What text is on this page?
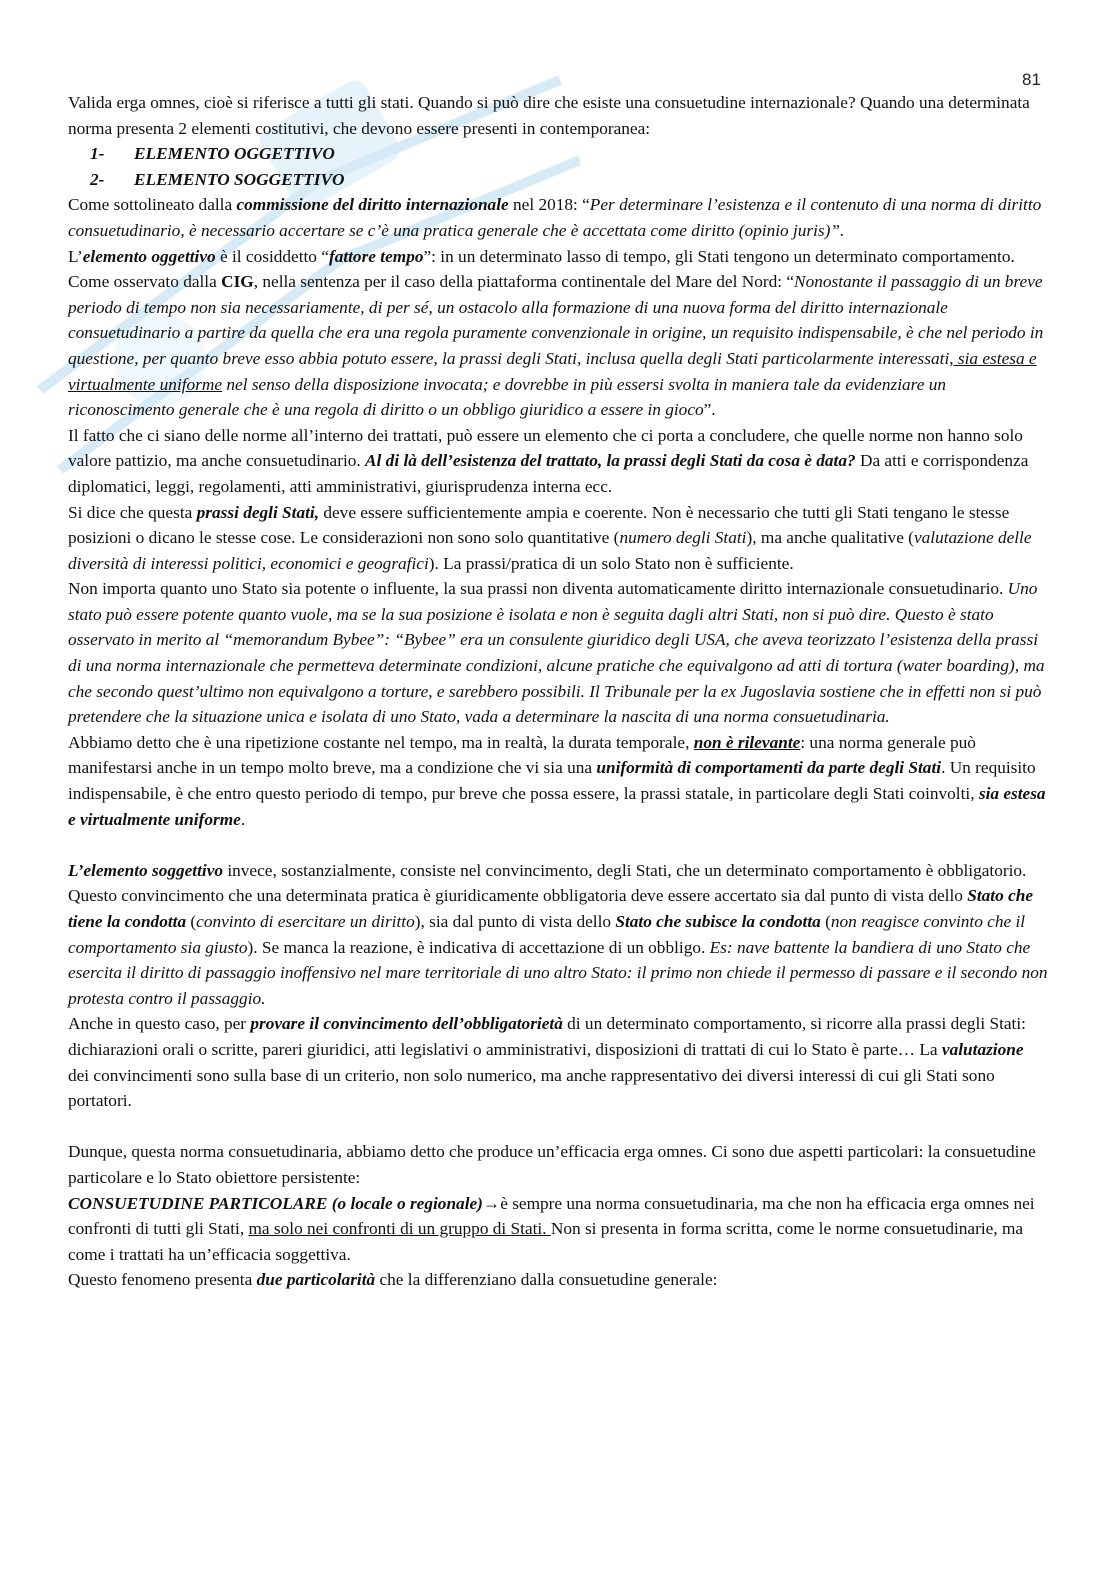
81

Valida erga omnes, cioè si riferisce a tutti gli stati. Quando si può dire che esiste una consuetudine internazionale? Quando una determinata norma presenta 2 elementi costitutivi, che devono essere presenti in contemporanea:

1- ELEMENTO OGGETTIVO
2- ELEMENTO SOGGETTIVO

Come sottolineato dalla commissione del diritto internazionale nel 2018: “Per determinare l’esistenza e il contenuto di una norma di diritto consuetudinario, è necessario accertare se c’è una pratica generale che è accettata come diritto (opinio juris)”.

L’elemento oggettivo è il cosiddetto “fattore tempo”: in un determinato lasso di tempo, gli Stati tengono un determinato comportamento. Come osservato dalla CIG, nella sentenza per il caso della piattaforma continentale del Mare del Nord: “Nonostante il passaggio di un breve periodo di tempo non sia necessariamente, di per sé, un ostacolo alla formazione di una nuova forma del diritto internazionale consuetudinario a partire da quella che era una regola puramente convenzionale in origine, un requisito indispensabile, è che nel periodo in questione, per quanto breve esso abbia potuto essere, la prassi degli Stati, inclusa quella degli Stati particolarmente interessati, sia estesa e virtualmente uniforme nel senso della disposizione invocata; e dovrebbe in più essersi svolta in maniera tale da evidenziare un riconoscimento generale che è una regola di diritto o un obbligo giuridico a essere in gioco”.

Il fatto che ci siano delle norme all’interno dei trattati, può essere un elemento che ci porta a concludere, che quelle norme non hanno solo valore pattizio, ma anche consuetudinario. Al di là dell’esistenza del trattato, la prassi degli Stati da cosa è data? Da atti e corrispondenza diplomatici, leggi, regolamenti, atti amministrativi, giurisprudenza interna ecc.

Si dice che questa prassi degli Stati, deve essere sufficientemente ampia e coerente. Non è necessario che tutti gli Stati tengano le stesse posizioni o dicano le stesse cose. Le considerazioni non sono solo quantitative (numero degli Stati), ma anche qualitative (valutazione delle diversità di interessi politici, economici e geografici). La prassi/pratica di un solo Stato non è sufficiente.

Non importa quanto uno Stato sia potente o influente, la sua prassi non diventa automaticamente diritto internazionale consuetudinario. Uno stato può essere potente quanto vuole, ma se la sua posizione è isolata e non è seguita dagli altri Stati, non si può dire. Questo è stato osservato in merito al “memorandum Bybee”: “Bybee” era un consulente giuridico degli USA, che aveva teorizzato l’esistenza della prassi di una norma internazionale che permetteva determinate condizioni, alcune pratiche che equivalgono ad atti di tortura (water boarding), ma che secondo quest’ultimo non equivalgono a torture, e sarebbero possibili. Il Tribunale per la ex Jugoslavia sostiene che in effetti non si può pretendere che la situazione unica e isolata di uno Stato, vada a determinare la nascita di una norma consuetudinaria.

Abbiamo detto che è una ripetizione costante nel tempo, ma in realtà, la durata temporale, non è rilevante: una norma generale può manifestarsi anche in un tempo molto breve, ma a condizione che vi sia una uniformità di comportamenti da parte degli Stati. Un requisito indispensabile, è che entro questo periodo di tempo, pur breve che possa essere, la prassi statale, in particolare degli Stati coinvolti, sia estesa e virtualmente uniforme.

L’elemento soggettivo invece, sostanzialmente, consiste nel convincimento, degli Stati, che un determinato comportamento è obbligatorio. Questo convincimento che una determinata pratica è giuridicamente obbligatoria deve essere accertato sia dal punto di vista dello Stato che tiene la condotta (convinto di esercitare un diritto), sia dal punto di vista dello Stato che subisce la condotta (non reagisce convinto che il comportamento sia giusto). Se manca la reazione, è indicativa di accettazione di un obbligo. Es: nave battente la bandiera di uno Stato che esercita il diritto di passaggio inoffensivo nel mare territoriale di uno altro Stato: il primo non chiede il permesso di passare e il secondo non protesta contro il passaggio.

Anche in questo caso, per provare il convincimento dell’obbligatorietà di un determinato comportamento, si ricorre alla prassi degli Stati: dichiarazioni orali o scritte, pareri giuridici, atti legislativi o amministrativi, disposizioni di trattati di cui lo Stato è parte… La valutazione dei convincimenti sono sulla base di un criterio, non solo numerico, ma anche rappresentativo dei diversi interessi di cui gli Stati sono portatori.

Dunque, questa norma consuetudinaria, abbiamo detto che produce un’efficacia erga omnes. Ci sono due aspetti particolari: la consuetudine particolare e lo Stato obiettore persistente:

CONSUETUDINE PARTICOLARE (o locale o regionale)→è sempre una norma consuetudinaria, ma che non ha efficacia erga omnes nei confronti di tutti gli Stati, ma solo nei confronti di un gruppo di Stati. Non si presenta in forma scritta, come le norme consuetudinarie, ma come i trattati ha un’efficacia soggettiva.

Questo fenomeno presenta due particolarità che la differenziano dalla consuetudine generale:
